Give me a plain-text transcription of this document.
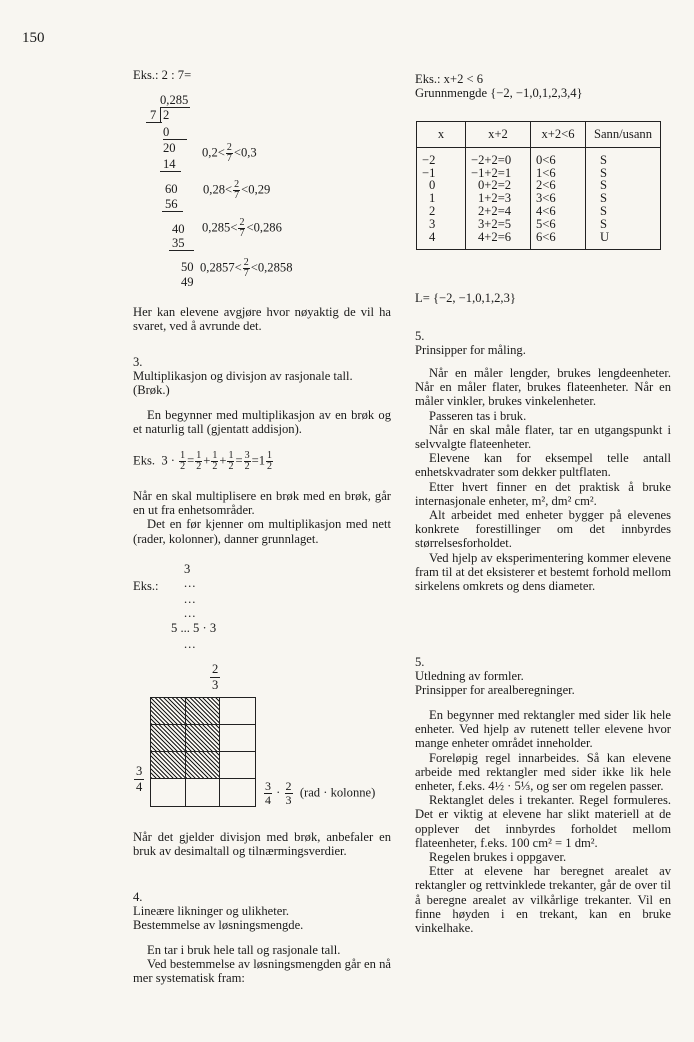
150
Eks.: 2 : 7=
0,285
7 2
0
20
14
60
56
40
35
50
49
$0,2< \frac{2}{7} <0,3$
$0,28< \frac{2}{7} <0,29$
$0,285< \frac{2}{7} <0,286$
$0,2857< \frac{2}{7} <0,2858$

Her kan elevene avgjøre hvor nøyaktig de vil ha svaret, ved å avrunde det.

3.
Multiplikasjon og divisjon av rasjonale tall. (Brøk.)

En begynner med multiplikasjon av en brøk og et naturlig tall (gjentatt addisjon).

Eks. $3 \cdot \frac{1}{2} = \frac{1}{2} + \frac{1}{2} + \frac{1}{2} = \frac{3}{2} =1 \frac{1}{2}$

Når en skal multiplisere en brøk med en brøk, går en ut fra enhetsområder.

Det en før kjenner om multiplikasjon med nett (rader, kolonner), danner grunnlaget.

3
Eks.: ...
...
...
5 ... 5 · 3
...
2
3
3
4	$\frac{3}{4} \cdot \frac{2}{3} (rad$ · kolonne)

Når det gjelder divisjon med brøk, anbefaler en bruk av desimaltall og tilnærmingsverdier.

4.
Lineære likninger og ulikheter.
Bestemmelse av løsningsmengde.

En tar i bruk hele tall og rasjonale tall.

Ved bestemmelse av løsningsmengden går en nå mer systematisk fram:

Eks.: x+2 < 6
Grunnmengde {−2, −1,0,1,2,3,4}
x	x+2	x+2<6	Sann/usann
−2	−2+2=0	0<6	S
−1	−1+2=1	1<6	S
0	0+2=2	2<6	S
1	1+2=3	3<6	S
2	2+2=4	4<6	S
3	3+2=5	5<6	S
4	4+2=6	6<6	U
L= {−2, −1,0,1,2,3}
5.
Prinsipper for måling.

Når en måler lengder, brukes lengdeenheter. Når en måler flater, brukes flateenheter. Når en måler vinkler, brukes vinkelenheter.

Passeren tas i bruk.

Når en skal måle flater, tar en utgangspunkt i selvvalgte flateenheter.

Elevene kan for eksempel telle antall enhetskvadrater som dekker pultflaten.

Etter hvert finner en det praktisk å bruke internasjonale enheter, m², dm² cm².

Alt arbeidet med enheter bygger på elevenes konkrete forestillinger om det innbyrdes størrelsesforholdet.

Ved hjelp av eksperimentering kommer elevene fram til at det eksisterer et bestemt forhold mellom sirkelens omkrets og dens diameter.

5.
Utledning av formler.
Prinsipper for arealberegninger.

En begynner med rektangler med sider lik hele enheter. Ved hjelp av rutenett teller elevene hvor mange enheter området inneholder.

Foreløpig regel innarbeides. Så kan elevene arbeide med rektangler med sider ikke lik hele enheter, f.eks. 4½ · 5⅓, og ser om regelen passer.

Rektanglet deles i trekanter. Regel formuleres. Det er viktig at elevene har slikt materiell at de opplever det innbyrdes forholdet mellom flateenheter, f.eks. 100 cm² = 1 dm².

Regelen brukes i oppgaver.

Etter at elevene har beregnet arealet av rektangler og rettvinklede trekanter, går de over til å beregne arealet av vilkårlige trekanter. Vil en finne høyden i en trekant, kan en bruke vinkelhake.
